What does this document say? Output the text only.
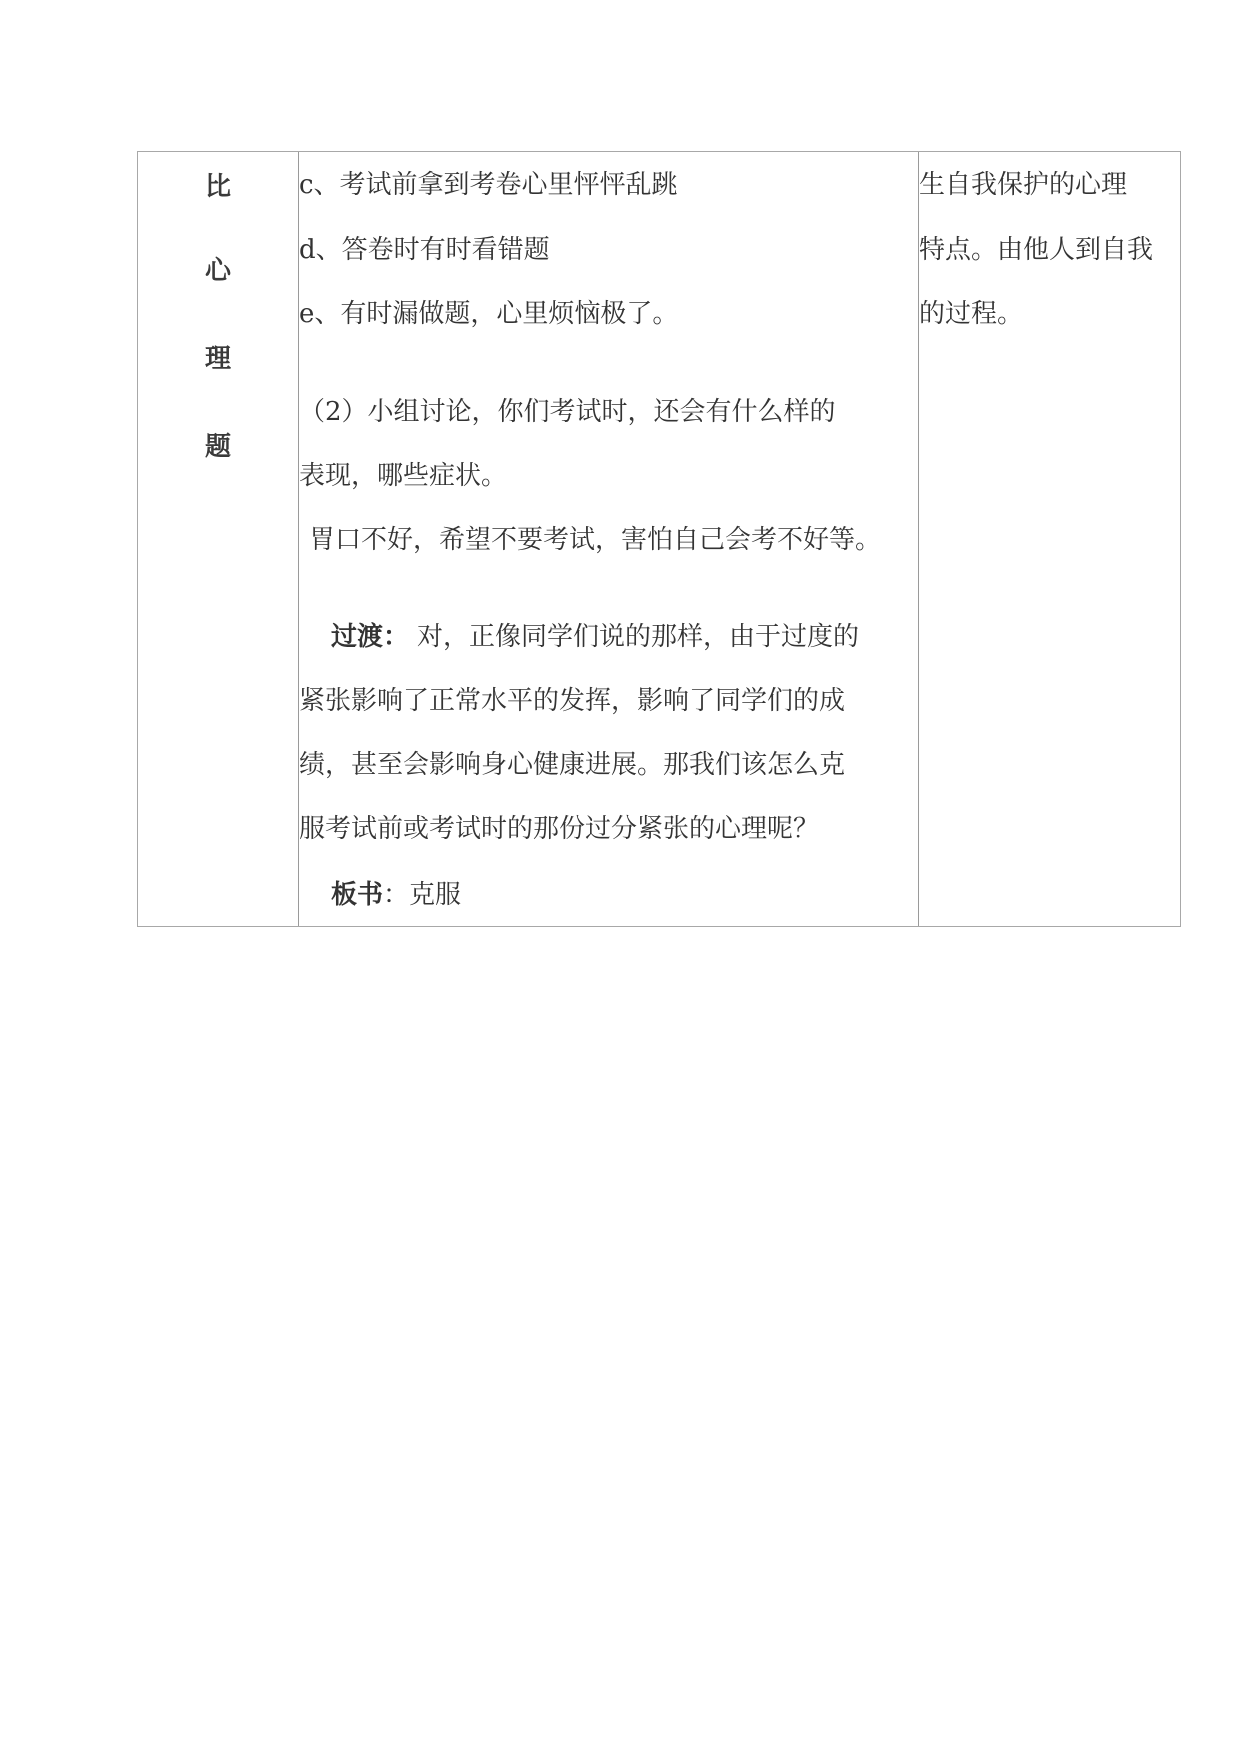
比
心
理
题
c、考试前拿到考卷心里怦怦乱跳
d、答卷时有时看错题
e、有时漏做题，心里烦恼极了。
（2）小组讨论，你们考试时，还会有什么样的
表现，哪些症状。
胃口不好，希望不要考试，害怕自己会考不好等。
过渡： 对，正像同学们说的那样，由于过度的
紧张影响了正常水平的发挥，影响了同学们的成
绩，甚至会影响身心健康进展。那我们该怎么克
服考试前或考试时的那份过分紧张的心理呢？
板书：克服
生自我保护的心理
特点。由他人到自我
的过程。
